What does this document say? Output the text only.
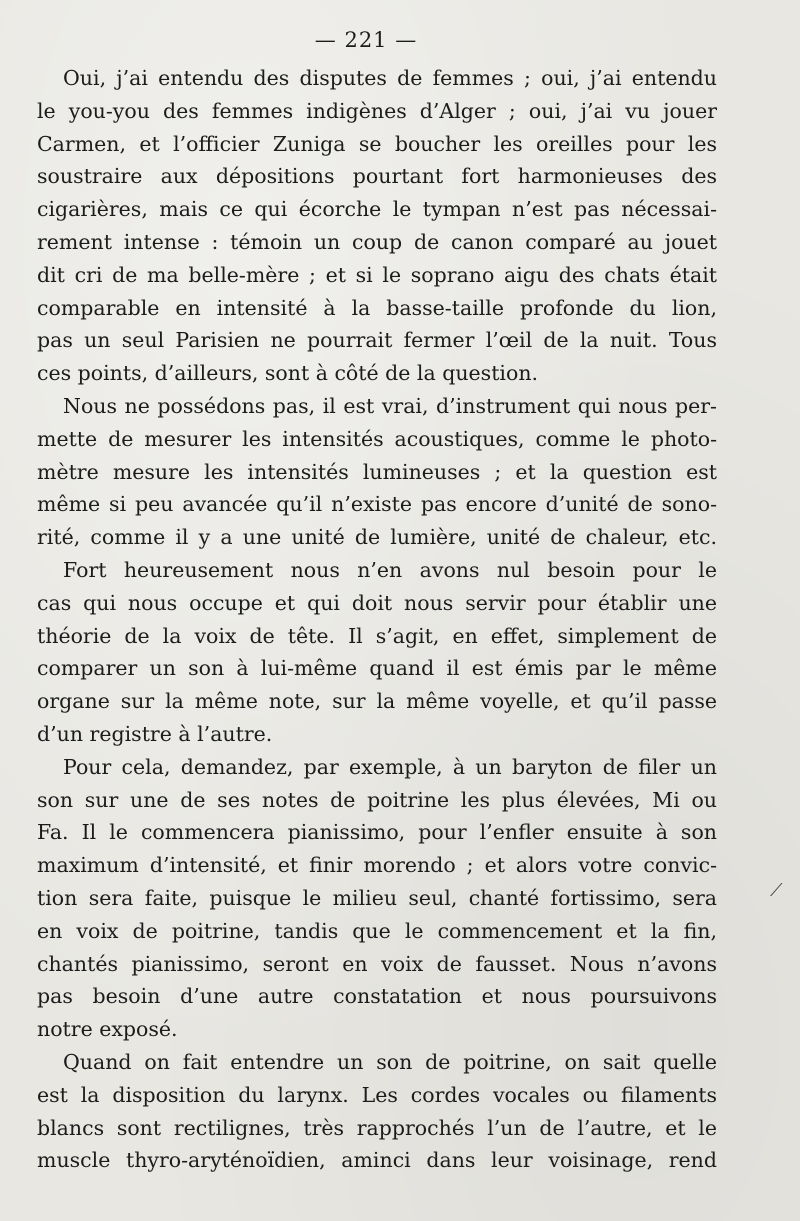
— 221 —
Oui, j’ai entendu des disputes de femmes ; oui, j’ai entendu
le you-you des femmes indigènes d’Alger ; oui, j’ai vu jouer
Carmen, et l’officier Zuniga se boucher les oreilles pour les
soustraire aux dépositions pourtant fort harmonieuses des
cigarières, mais ce qui écorche le tympan n’est pas nécessai-
rement intense : témoin un coup de canon comparé au jouet
dit cri de ma belle-mère ; et si le soprano aigu des chats était
comparable en intensité à la basse-taille profonde du lion,
pas un seul Parisien ne pourrait fermer l’œil de la nuit. Tous
ces points, d’ailleurs, sont à côté de la question.
Nous ne possédons pas, il est vrai, d’instrument qui nous per-
mette de mesurer les intensités acoustiques, comme le photo-
mètre mesure les intensités lumineuses ; et la question est
même si peu avancée qu’il n’existe pas encore d’unité de sono-
rité, comme il y a une unité de lumière, unité de chaleur, etc.
Fort heureusement nous n’en avons nul besoin pour le
cas qui nous occupe et qui doit nous servir pour établir une
théorie de la voix de tête. Il s’agit, en effet, simplement de
comparer un son à lui-même quand il est émis par le même
organe sur la même note, sur la même voyelle, et qu’il passe
d’un registre à l’autre.
Pour cela, demandez, par exemple, à un baryton de filer un
son sur une de ses notes de poitrine les plus élevées, Mi ou
Fa. Il le commencera pianissimo, pour l’enfler ensuite à son
maximum d’intensité, et finir morendo ; et alors votre convic-
tion sera faite, puisque le milieu seul, chanté fortissimo, sera
en voix de poitrine, tandis que le commencement et la fin,
chantés pianissimo, seront en voix de fausset. Nous n’avons
pas besoin d’une autre constatation et nous poursuivons
notre exposé.
Quand on fait entendre un son de poitrine, on sait quelle
est la disposition du larynx. Les cordes vocales ou filaments
blancs sont rectilignes, très rapprochés l’un de l’autre, et le
muscle thyro-aryténoïdien, aminci dans leur voisinage, rend
⟋
